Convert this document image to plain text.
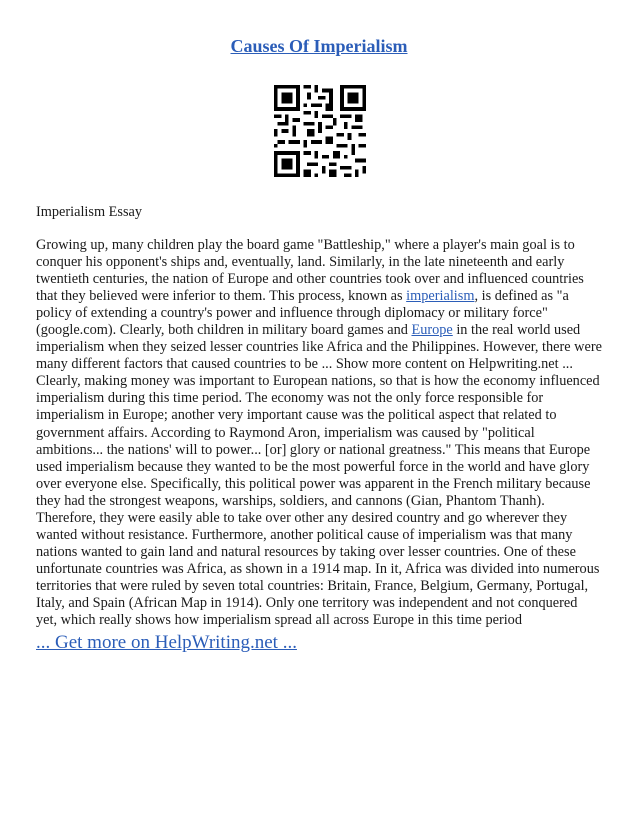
Causes Of Imperialism
Imperialism Essay

Growing up, many children play the board game "Battleship," where a player's main goal is to conquer his opponent's ships and, eventually, land. Similarly, in the late nineteenth and early twentieth centuries, the nation of Europe and other countries took over and influenced countries that they believed were inferior to them. This process, known as imperialism, is defined as "a policy of extending a country's power and influence through diplomacy or military force" (google.com). Clearly, both children in military board games and Europe in the real world used imperialism when they seized lesser countries like Africa and the Philippines. However, there were many different factors that caused countries to be ... Show more content on Helpwriting.net ...

Clearly, making money was important to European nations, so that is how the economy influenced imperialism during this time period. The economy was not the only force responsible for imperialism in Europe; another very important cause was the political aspect that related to government affairs. According to Raymond Aron, imperialism was caused by "political ambitions... the nations' will to power... [or] glory or national greatness." This means that Europe used imperialism because they wanted to be the most powerful force in the world and have glory over everyone else. Specifically, this political power was apparent in the French military because they had the strongest weapons, warships, soldiers, and cannons (Gian, Phantom Thanh). Therefore, they were easily able to take over other any desired country and go wherever they wanted without resistance. Furthermore, another political cause of imperialism was that many nations wanted to gain land and natural resources by taking over lesser countries. One of these unfortunate countries was Africa, as shown in a 1914 map. In it, Africa was divided into numerous territories that were ruled by seven total countries: Britain, France, Belgium, Germany, Portugal, Italy, and Spain (African Map in 1914). Only one territory was independent and not conquered yet, which really shows how imperialism spread all across Europe in this time period

... Get more on HelpWriting.net ...
